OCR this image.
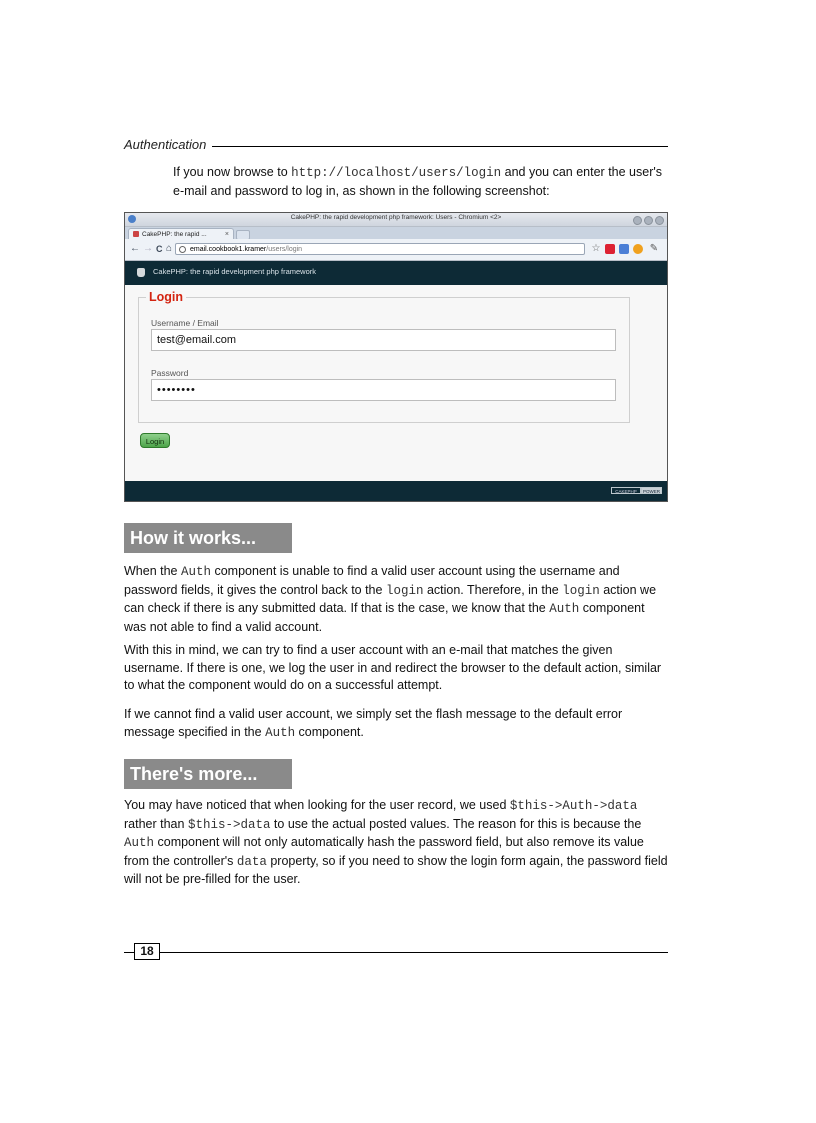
Authentication
If you now browse to http://localhost/users/login and you can enter the user's e-mail and password to log in, as shown in the following screenshot:
CakePHP: the rapid development php framework: Users - Chromium <2>
CakePHP: the rapid ...	×
← → C ⌂	email.cookbook1.kramer/users/login	☆	✎
CakePHP: the rapid development php framework
Login
Username / Email
test@email.com
Password
••••••••
Login
CAKEPHP	POWER
How it works...

When the Auth component is unable to find a valid user account using the username and password fields, it gives the control back to the login action. Therefore, in the login action we can check if there is any submitted data. If that is the case, we know that the Auth component was not able to find a valid account.

With this in mind, we can try to find a user account with an e-mail that matches the given username. If there is one, we log the user in and redirect the browser to the default action, similar to what the component would do on a successful attempt.

If we cannot find a valid user account, we simply set the flash message to the default error message specified in the Auth component.

There's more...

You may have noticed that when looking for the user record, we used $this->Auth->data rather than $this->data to use the actual posted values. The reason for this is because the Auth component will not only automatically hash the password field, but also remove its value from the controller's data property, so if you need to show the login form again, the password field will not be pre-filled for the user.

18
